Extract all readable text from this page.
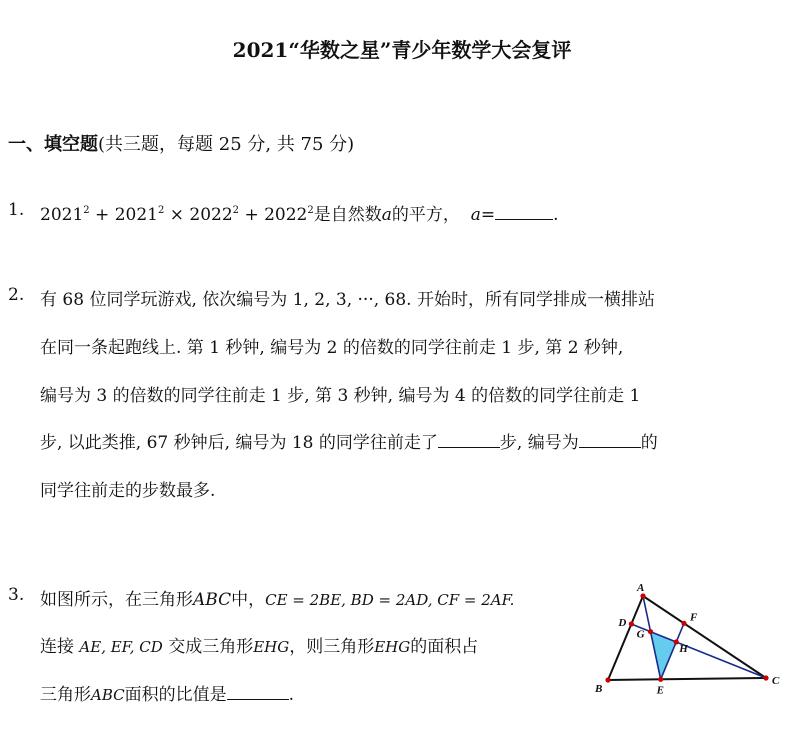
2021“华数之星”青少年数学大会复评
一、填空题(共三题，每题 25 分, 共 75 分)
1. $2021^2 + 2021^2 \times 2022^2 + 2022^2$是自然数a的平方， a=	.
2. 有 68 位同学玩游戏, 依次编号为 1, 2, 3, ···, 68. 开始时，所有同学排成一横排站
在同一条起跑线上. 第 1 秒钟, 编号为 2 的倍数的同学往前走 1 步, 第 2 秒钟,
编号为 3 的倍数的同学往前走 1 步, 第 3 秒钟, 编号为 4 的倍数的同学往前走 1
步, 以此类推, 67 秒钟后, 编号为 18 的同学往前走了	步, 编号为	的
同学往前走的步数最多.
3. 如图所示，在三角形ABC中，CE = 2BE, BD = 2AD, CF = 2AF.
连接 AE, EF, CD 交成三角形EHG，则三角形EHG的面积占
三角形ABC面积的比值是	.
A
B
C
D
E
F
G
H
